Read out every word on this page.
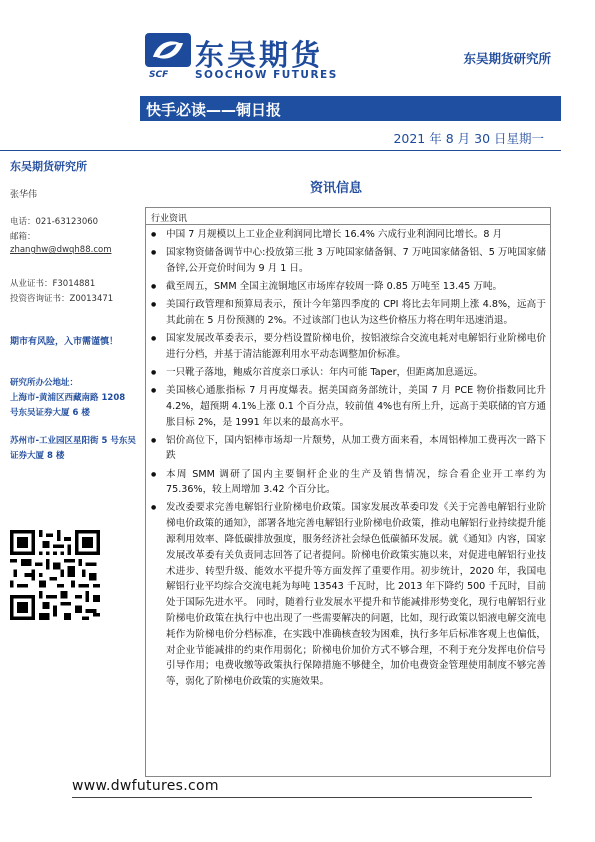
SCF
东吴期货
SOOCHOW FUTURES
东吴期货研究所
快手必读——铜日报
2021 年 8 月 30 日星期一
东吴期货研究所
张华伟
电话：021-63123060
邮箱：
zhanghw@dwqh88.com
从业证书：F3014881
投资咨询证书：Z0013471
期市有风险，入市需谨慎！
研究所办公地址：
上海市-黄浦区西藏南路 1208 号东吴证券大厦 6 楼
苏州市-工业园区星阳街 5 号东吴证券大厦 8 楼
资讯信息
行业资讯
● 中国 7 月规模以上工业企业利润同比增长 16.4% 六成行业利润同比增长。8 月
● 国家物资储备调节中心:投放第三批 3 万吨国家储备铜、7 万吨国家储备铝、5 万吨国家储备锌,公开竞价时间为 9 月 1 日。
● 截至周五，SMM 全国主流铜地区市场库存较周一降 0.85 万吨至 13.45 万吨。
● 美国行政管理和预算局表示，预计今年第四季度的 CPI 将比去年同期上涨 4.8%，远高于其此前在 5 月份预测的 2%。不过该部门也认为这些价格压力将在明年迅速消退。
● 国家发展改革委表示，要分档设置阶梯电价，按铝液综合交流电耗对电解铝行业阶梯电价进行分档，并基于清洁能源利用水平动态调整加价标准。
● 一只靴子落地，鲍威尔首度亲口承认：年内可能 Taper，但距离加息遥远。
● 美国核心通胀指标 7 月再度爆表。据美国商务部统计，美国 7 月 PCE 物价指数同比升 4.2%，超预期 4.1%上涨 0.1 个百分点，较前值 4%也有所上升，远高于美联储的官方通胀目标 2%，是 1991 年以来的最高水平。
● 铝价高位下，国内铝棒市场却一片颓势，从加工费方面来看，本周铝棒加工费再次一路下跌
● 本周 SMM 调研了国内主要铜杆企业的生产及销售情况，综合看企业开工率约为 75.36%，较上周增加 3.42 个百分比。
● 发改委要求完善电解铝行业阶梯电价政策。国家发展改革委印发《关于完善电解铝行业阶梯电价政策的通知》，部署各地完善电解铝行业阶梯电价政策，推动电解铝行业持续提升能源利用效率、降低碳排放强度，服务经济社会绿色低碳循环发展。就《通知》内容，国家发展改革委有关负责同志回答了记者提问。阶梯电价政策实施以来，对促进电解铝行业技术进步、转型升级、能效水平提升等方面发挥了重要作用。初步统计，2020 年，我国电解铝行业平均综合交流电耗为每吨 13543 千瓦时，比 2013 年下降约 500 千瓦时，目前处于国际先进水平。 同时，随着行业发展水平提升和节能减排形势变化，现行电解铝行业阶梯电价政策在执行中也出现了一些需要解决的问题，比如，现行政策以铝液电解交流电耗作为阶梯电价分档标准，在实践中准确核查较为困难，执行多年后标准客观上也偏低，对企业节能减排的约束作用弱化；阶梯电价加价方式不够合理，不利于充分发挥电价信号引导作用；电费收缴等政策执行保障措施不够健全，加价电费资金管理使用制度不够完善等，弱化了阶梯电价政策的实施效果。
www.dwfutures.com
